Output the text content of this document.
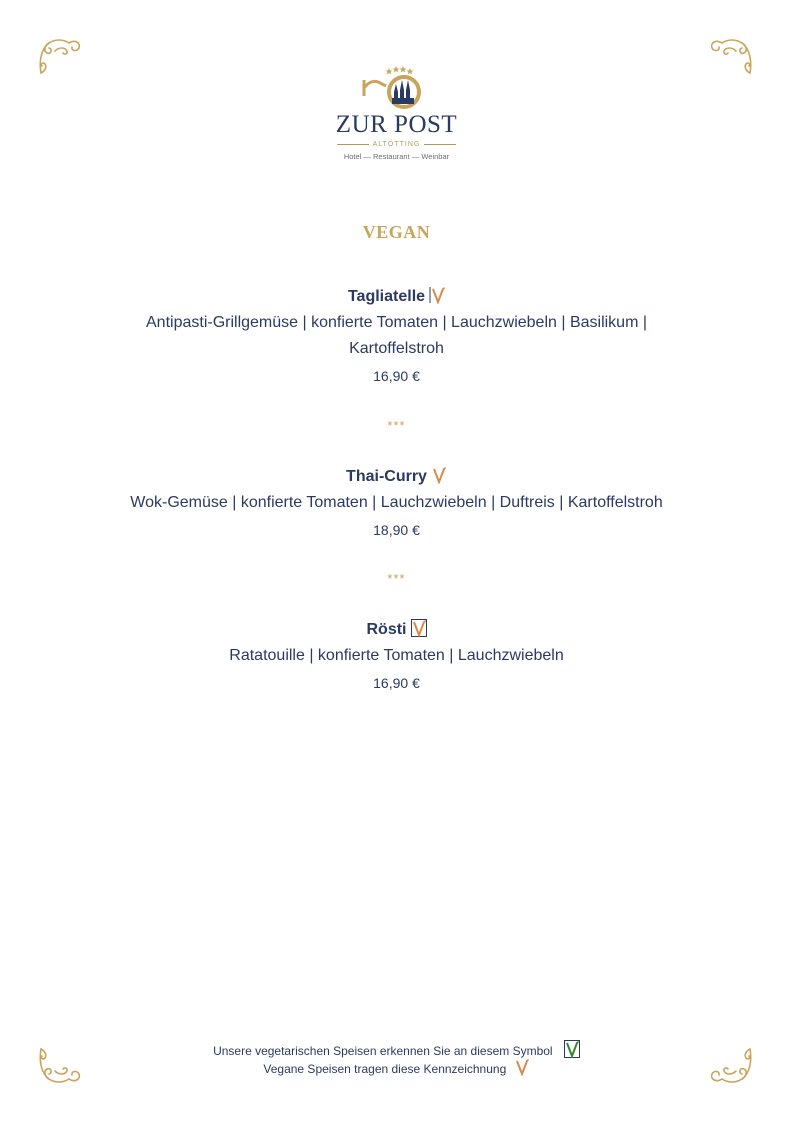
ZUR POST
ALTÖTTING
Hotel — Restaurant — Weinbar
VEGAN
Tagliatelle
Antipasti-Grillgemüse | konfierte Tomaten | Lauchzwiebeln | Basilikum |
Kartoffelstroh
16,90 €
***
Thai-Curry
Wok-Gemüse | konfierte Tomaten | Lauchzwiebeln | Duftreis | Kartoffelstroh
18,90 €
***
Rösti
Ratatouille | konfierte Tomaten | Lauchzwiebeln
16,90 €
Unsere vegetarischen Speisen erkennen Sie an diesem Symbol
Vegane Speisen tragen diese Kennzeichnung
